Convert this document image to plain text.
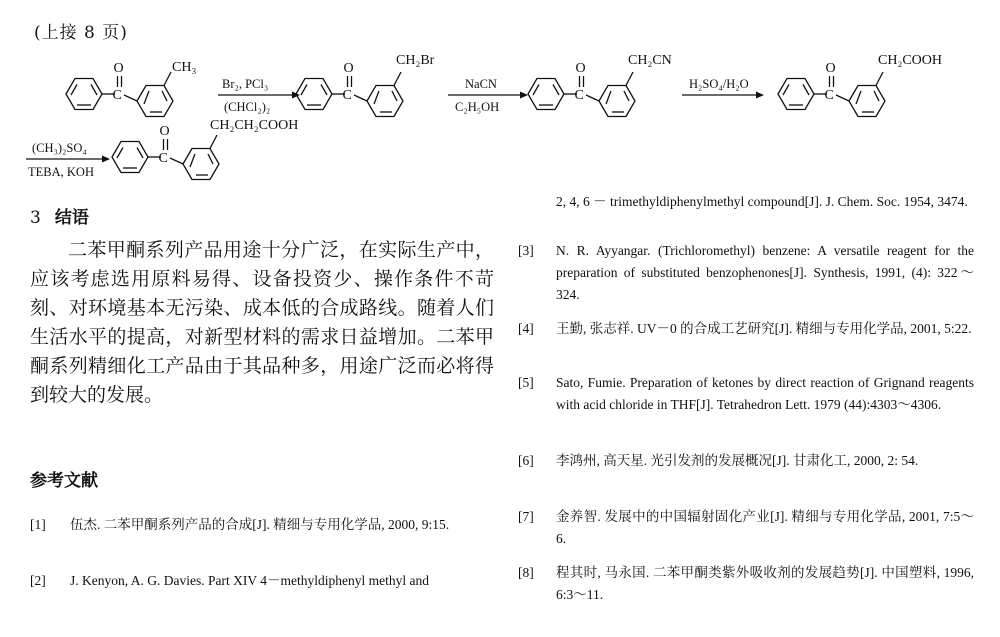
(上接 8 页)
C
O	CH₃
Br₂, PCl₃
(CHCl₂)₂
C
O
CH₂Br
NaCN
C₂H₅OH
C
O
CH₂CN
H₂SO₄/H₂O
C
O
CH₂COOH
(CH₃)₂SO₄
TEBA, KOH
C
O	CH₂CH₂COOH
3 结语

二苯甲酮系列产品用途十分广泛，在实际生产中，应该考虑选用原料易得、设备投资少、操作条件不苛刻、对环境基本无污染、成本低的合成路线。随着人们生活水平的提高，对新型材料的需求日益增加。二苯甲酮系列精细化工产品由于其品种多，用途广泛而必将得到较大的发展。

参考文献
[1] 伍杰. 二苯甲酮系列产品的合成[J]. 精细与专用化学品, 2000, 9:15.
[2] J. Kenyon, A. G. Davies. Part XIV 4－methyldiphenyl methyl and
2, 4, 6 － trimethyldiphenylmethyl compound[J]. J. Chem. Soc. 1954, 3474.
[3] N. R. Ayyangar. (Trichloromethyl) benzene: A versatile reagent for the preparation of substituted benzophenones[J]. Synthesis, 1991, (4): 322～324.
[4] 王勤, 张志祥. UV－0 的合成工艺研究[J]. 精细与专用化学品, 2001, 5:22.
[5] Sato, Fumie. Preparation of ketones by direct reaction of Grignand reagents with acid chloride in THF[J]. Tetrahedron Lett. 1979 (44):4303～4306.
[6] 李鸿州, 高天星. 光引发剂的发展概况[J]. 甘肃化工, 2000, 2: 54.
[7] 金养智. 发展中的中国辐射固化产业[J]. 精细与专用化学品, 2001, 7:5～6.
[8] 程其时, 马永国. 二苯甲酮类紫外吸收剂的发展趋势[J]. 中国塑料, 1996, 6:3～11.
